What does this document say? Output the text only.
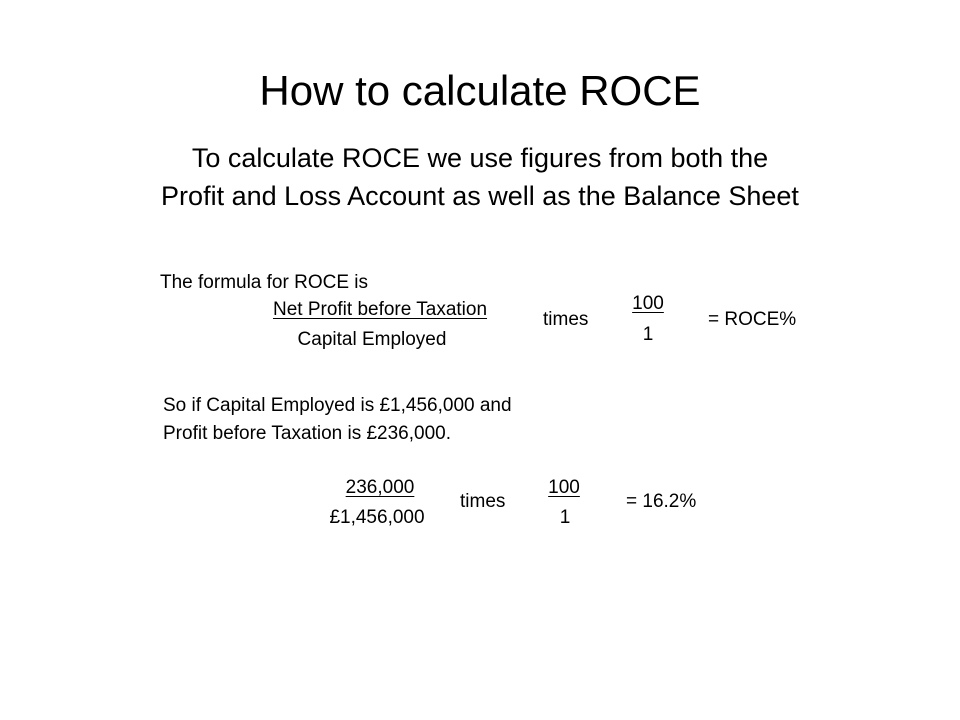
How to calculate ROCE
To calculate ROCE we use figures from both the
Profit and Loss Account as well as the Balance Sheet
The formula for ROCE is
Net Profit before Taxation
Capital Employed
times
100
1
= ROCE%
So if Capital Employed is £1,456,000 and
Profit before Taxation is £236,000.
236,000
£1,456,000
times
100
1
= 16.2%
